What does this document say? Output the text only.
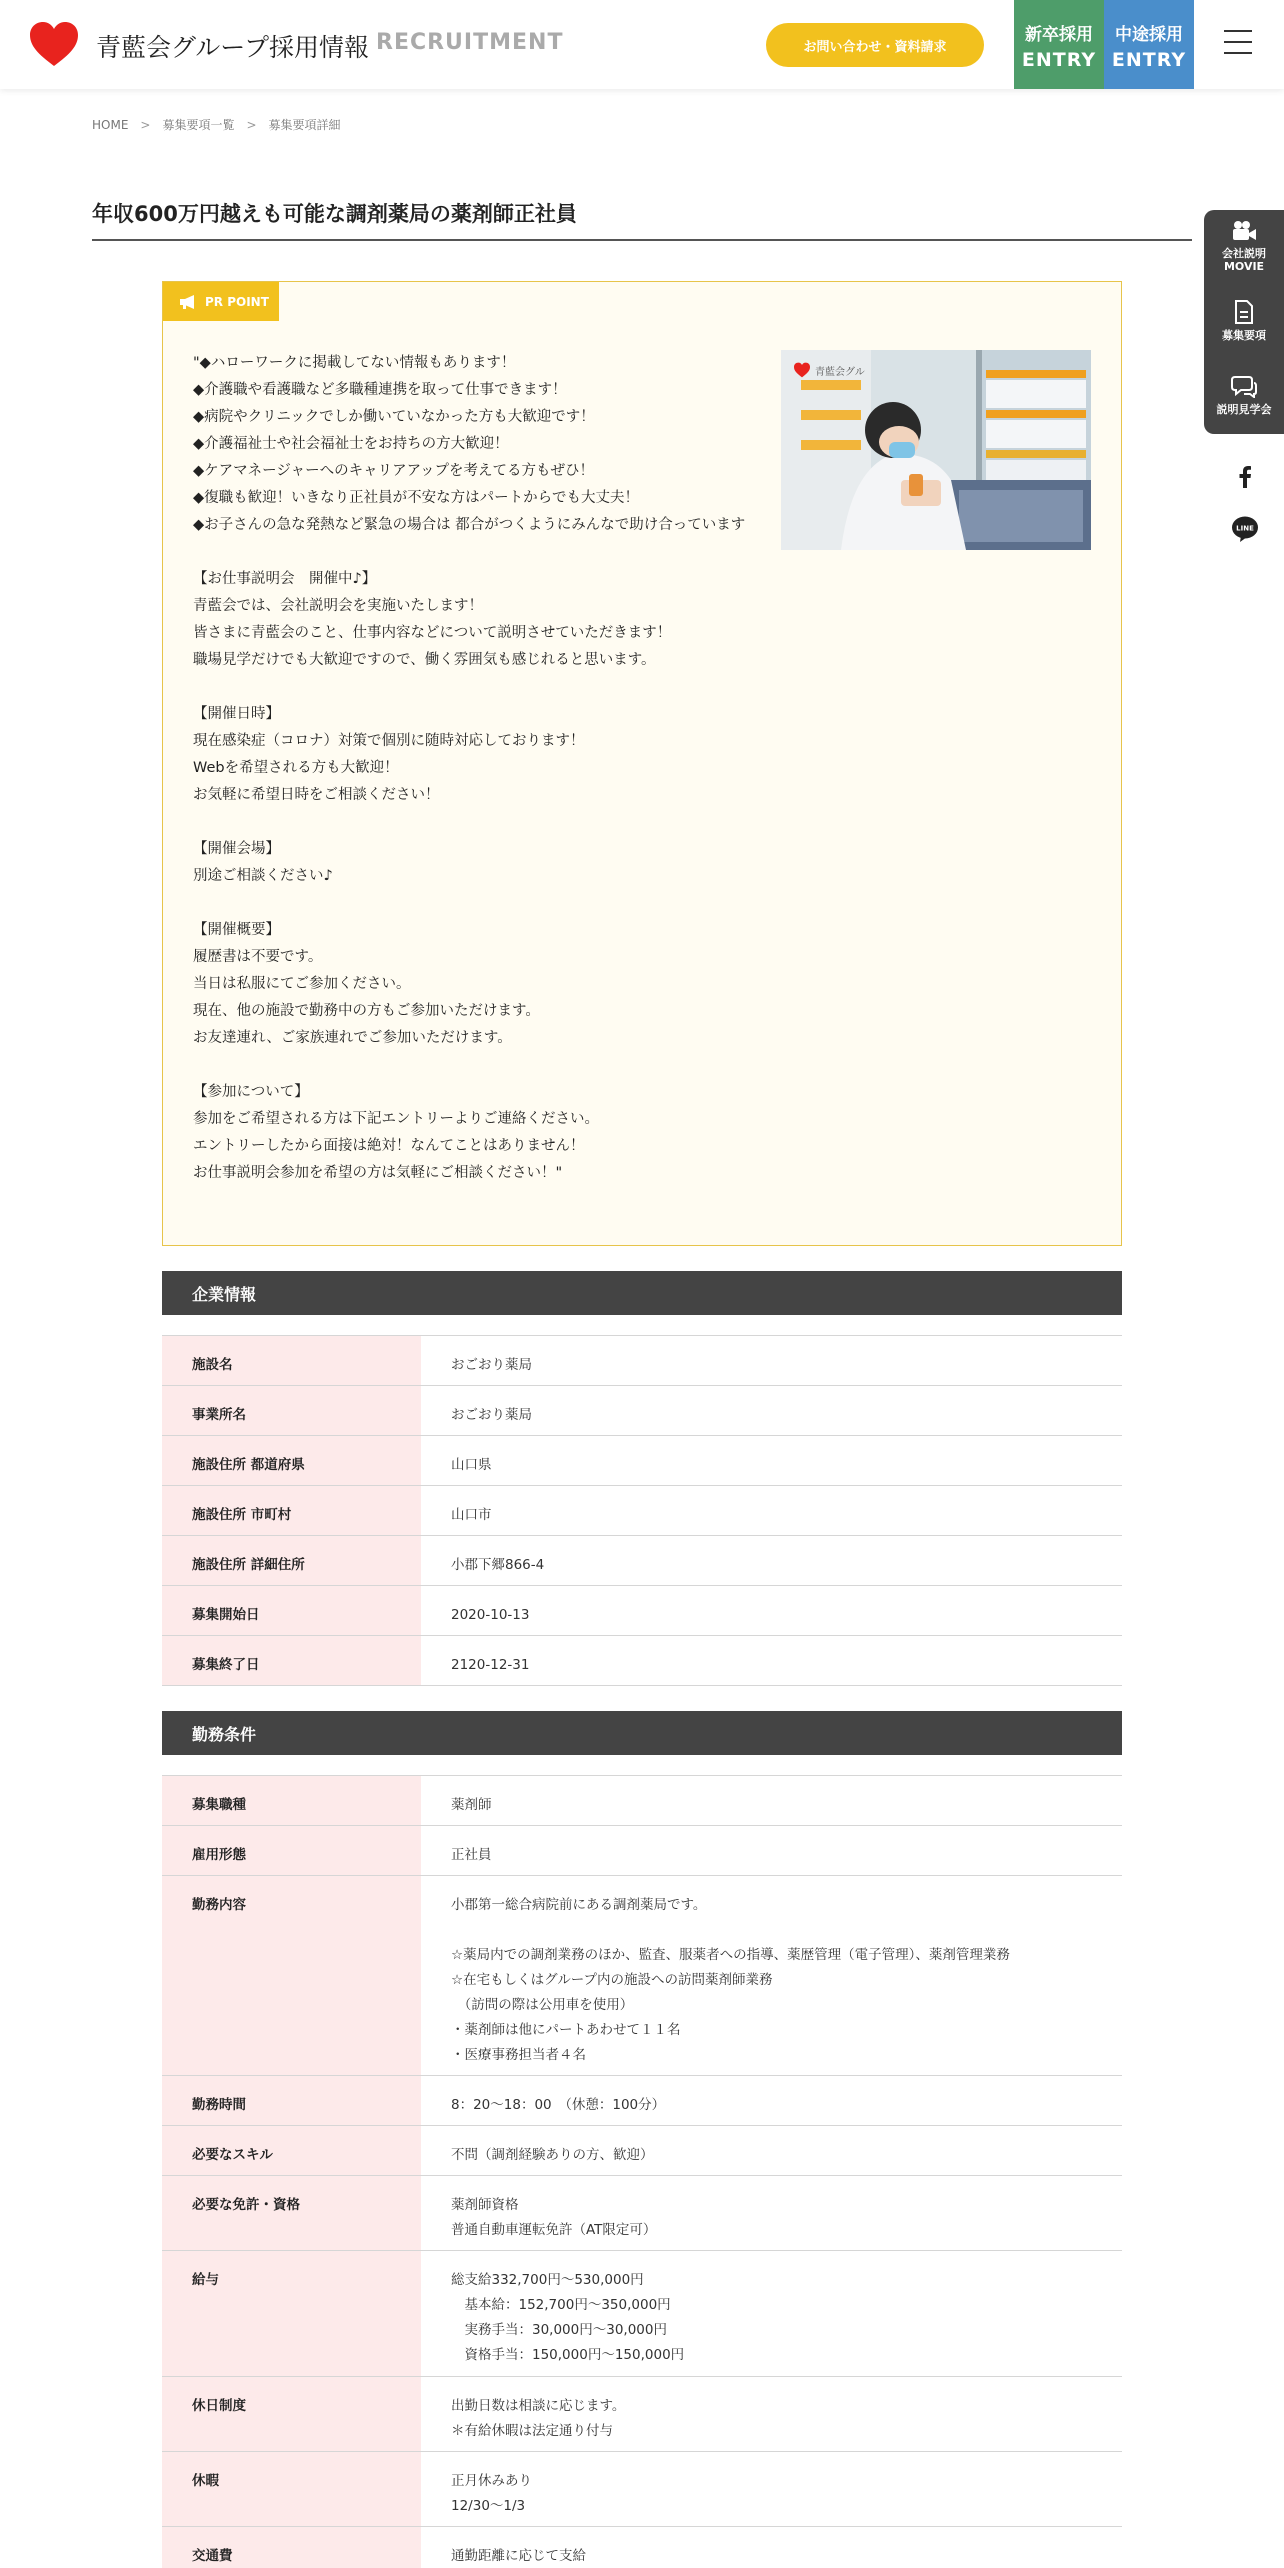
青藍会グループ採用情報 RECRUITMENT	お問い合わせ・資料請求
新卒採用
ENTRY
中途採用
ENTRY
HOME > 募集要項一覧 > 募集要項詳細
年収600万円越えも可能な調剤薬局の薬剤師正社員
会社説明
MOVIE
募集要項
説明見学会
LINE
PR POINT
"◆ハローワークに掲載してない情報もあります！
◆介護職や看護職など多職種連携を取って仕事できます！
◆病院やクリニックでしか働いていなかった方も大歓迎です！
◆介護福祉士や社会福祉士をお持ちの方大歓迎！
◆ケアマネージャーへのキャリアアップを考えてる方もぜひ！
◆復職も歓迎！いきなり正社員が不安な方はパートからでも大丈夫！
◆お子さんの急な発熱など緊急の場合は 都合がつくようにみんなで助け合っています

【お仕事説明会　開催中♪】
青藍会では、会社説明会を実施いたします！
皆さまに青藍会のこと、仕事内容などについて説明させていただきます！
職場見学だけでも大歓迎ですので、働く雰囲気も感じれると思います。

【開催日時】
現在感染症（コロナ）対策で個別に随時対応しております！
Webを希望される方も大歓迎！
お気軽に希望日時をご相談ください！

【開催会場】
別途ご相談ください♪

【開催概要】
履歴書は不要です。
当日は私服にてご参加ください。
現在、他の施設で勤務中の方もご参加いただけます。
お友達連れ、ご家族連れでご参加いただけます。

【参加について】
参加をご希望される方は下記エントリーよりご連絡ください。
エントリーしたから面接は絶対！なんてことはありません！
お仕事説明会参加を希望の方は気軽にご相談ください！"
青藍会グル
企業情報
施設名	おごおり薬局
事業所名	おごおり薬局
施設住所 都道府県	山口県
施設住所 市町村	山口市
施設住所 詳細住所	小郡下郷866-4
募集開始日	2020-10-13
募集終了日	2120-12-31
勤務条件
募集職種	薬剤師
雇用形態	正社員
勤務内容	小郡第一総合病院前にある調剤薬局です。

☆薬局内での調剤業務のほか、監査、服薬者への指導、薬歴管理（電子管理）、薬剤管理業務
☆在宅もしくはグループ内の施設への訪問薬剤師業務
　（訪問の際は公用車を使用）
・薬剤師は他にパートあわせて１１名
・医療事務担当者４名
勤務時間	8：20～18：00　（休憩：100分）
必要なスキル	不問（調剤経験ありの方、歓迎）
必要な免許・資格	薬剤師資格
普通自動車運転免許（AT限定可）
給与	総支給332,700円～530,000円
　基本給：152,700円～350,000円
　実務手当：30,000円～30,000円
　資格手当：150,000円～150,000円
休日制度	出勤日数は相談に応じます。
＊有給休暇は法定通り付与
休暇	正月休みあり
12/30～1/3
交通費	通勤距離に応じて支給
